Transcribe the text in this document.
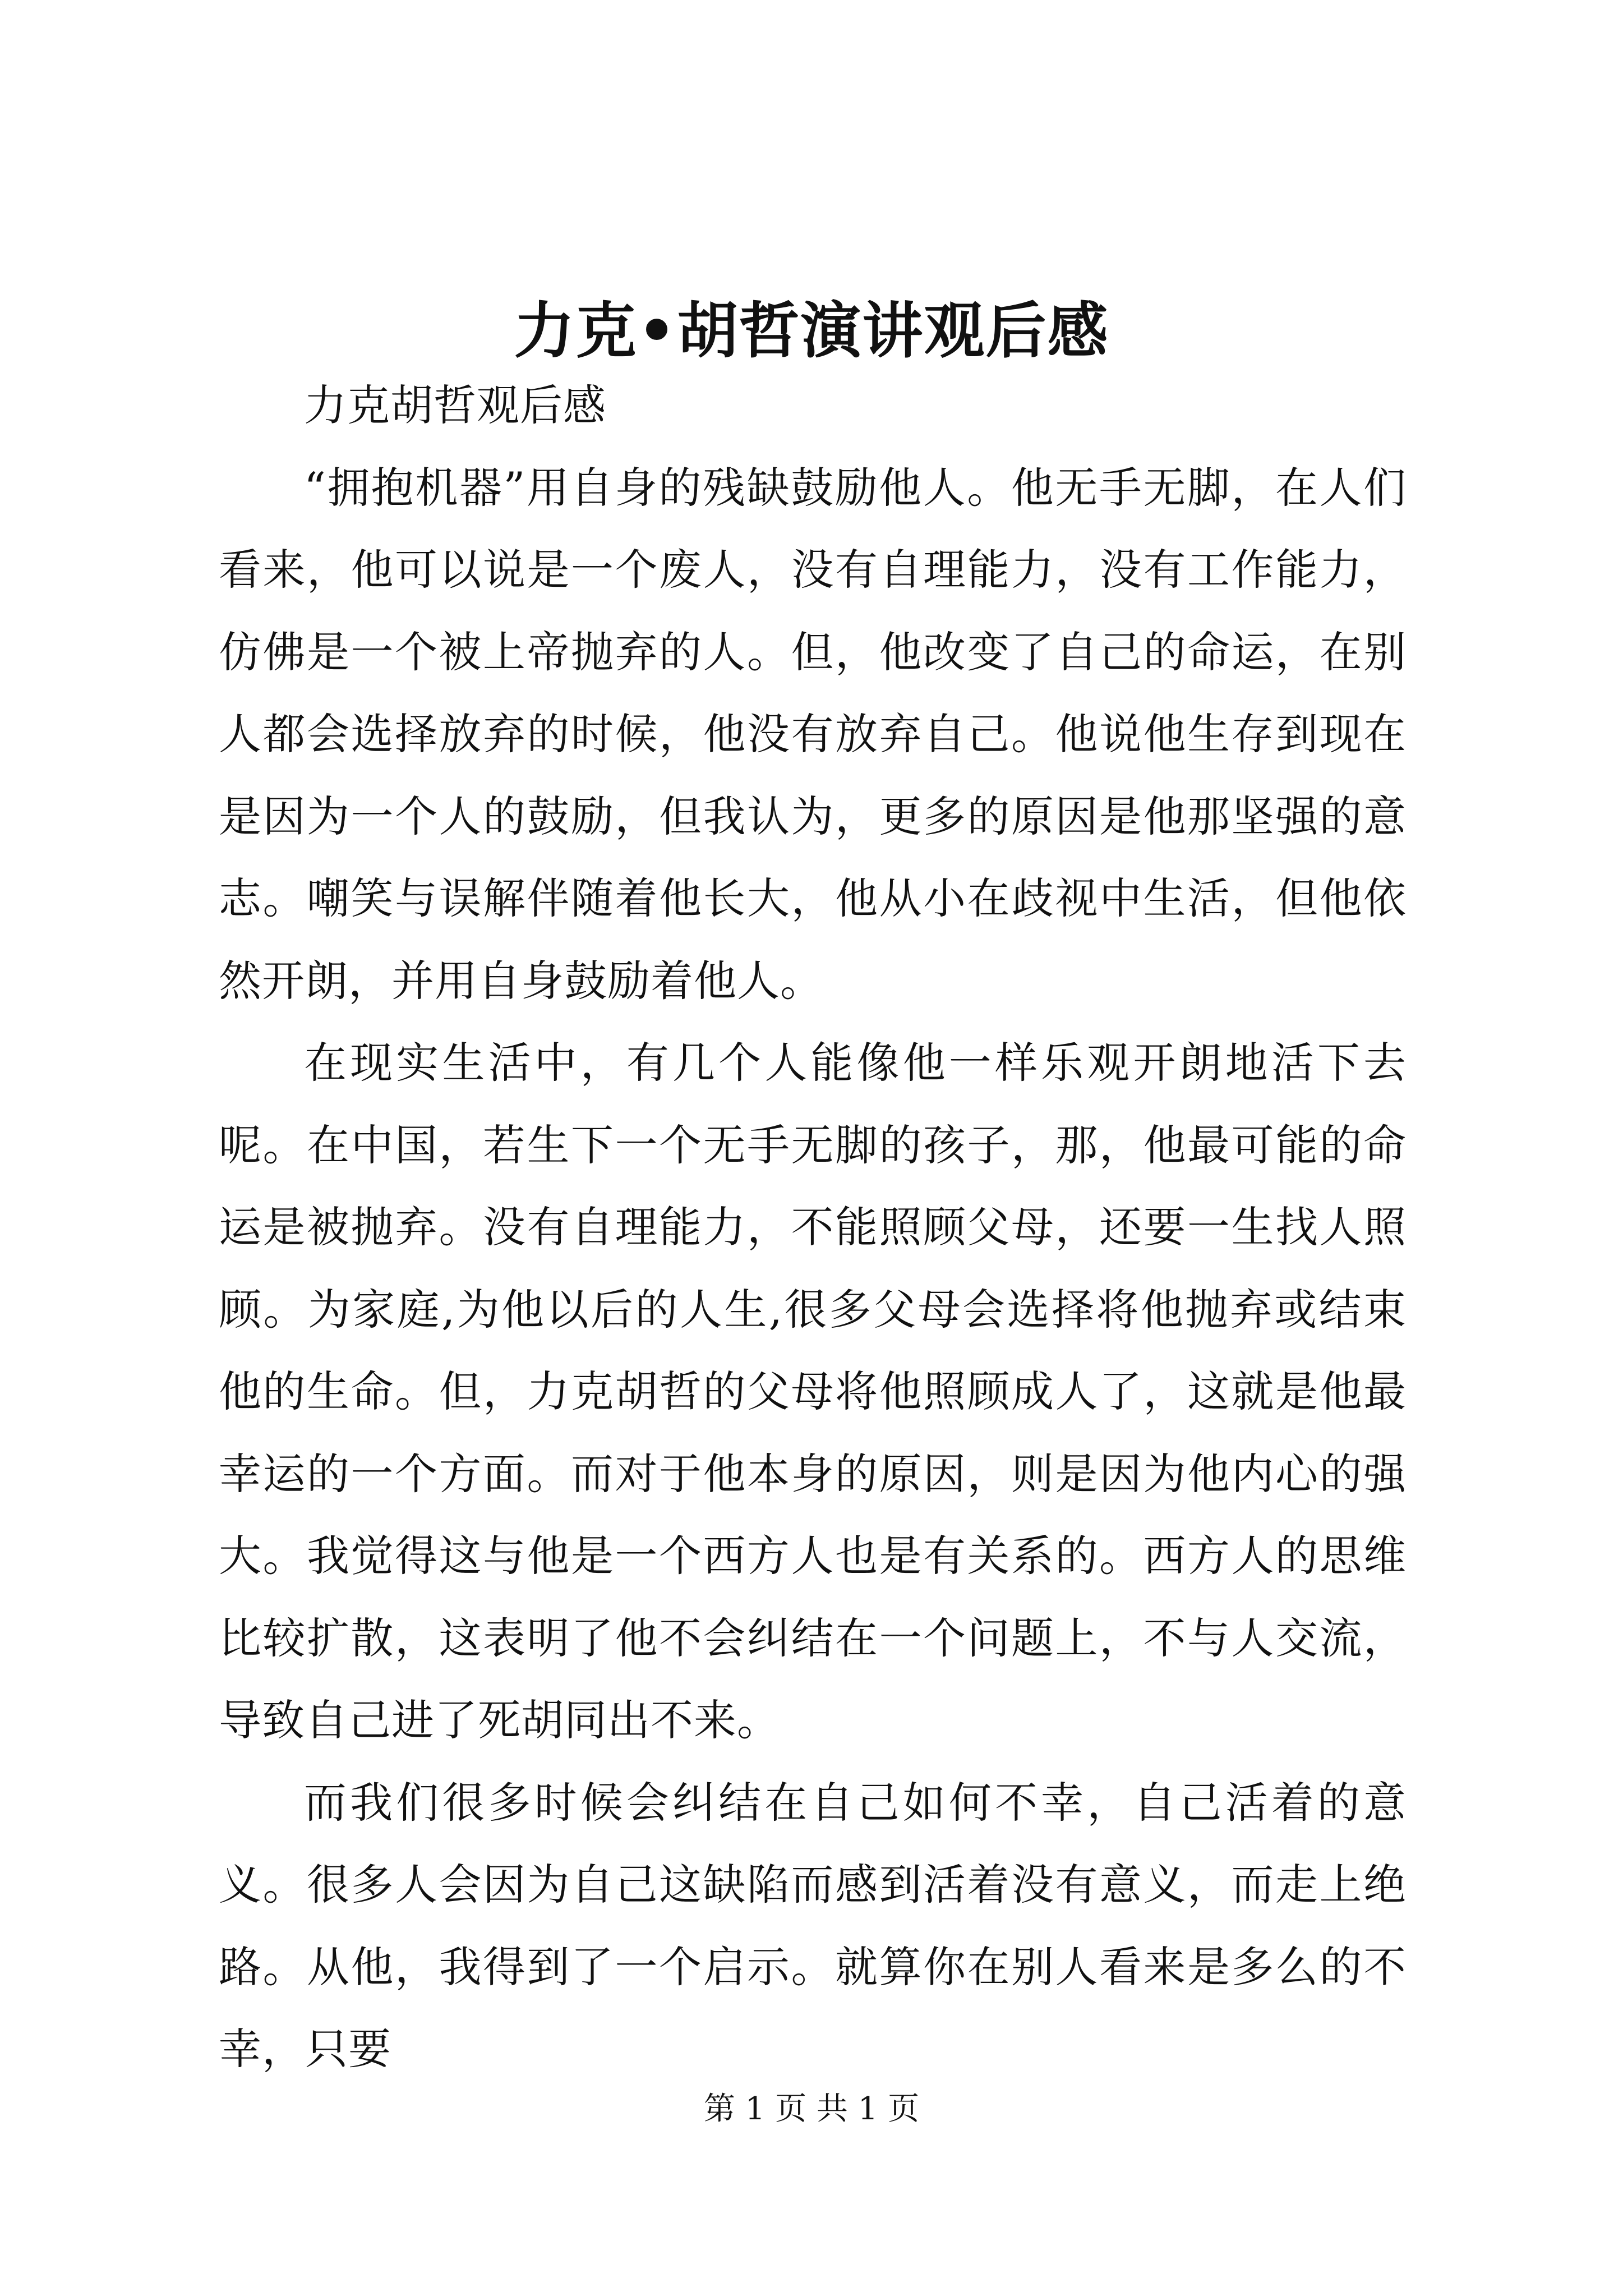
力克•胡哲演讲观后感

力克胡哲观后感

“拥抱机器”用自身的残缺鼓励他人。他无手无脚，在人们看来，他可以说是一个废人，没有自理能力，没有工作能力，仿佛是一个被上帝抛弃的人。但，他改变了自己的命运，在别人都会选择放弃的时候，他没有放弃自己。他说他生存到现在是因为一个人的鼓励，但我认为，更多的原因是他那坚强的意志。嘲笑与误解伴随着他长大，他从小在歧视中生活，但他依然开朗，并用自身鼓励着他人。

在现实生活中，有几个人能像他一样乐观开朗地活下去呢。在中国，若生下一个无手无脚的孩子，那，他最可能的命运是被抛弃。没有自理能力，不能照顾父母，还要一生找人照顾。为家庭,为他以后的人生,很多父母会选择将他抛弃或结束他的生命。但，力克胡哲的父母将他照顾成人了，这就是他最幸运的一个方面。而对于他本身的原因，则是因为他内心的强大。我觉得这与他是一个西方人也是有关系的。西方人的思维比较扩散，这表明了他不会纠结在一个问题上，不与人交流，导致自己进了死胡同出不来。

而我们很多时候会纠结在自己如何不幸，自己活着的意义。很多人会因为自己这缺陷而感到活着没有意义，而走上绝路。从他，我得到了一个启示。就算你在别人看来是多么的不幸，只要

第 1 页 共 1 页
